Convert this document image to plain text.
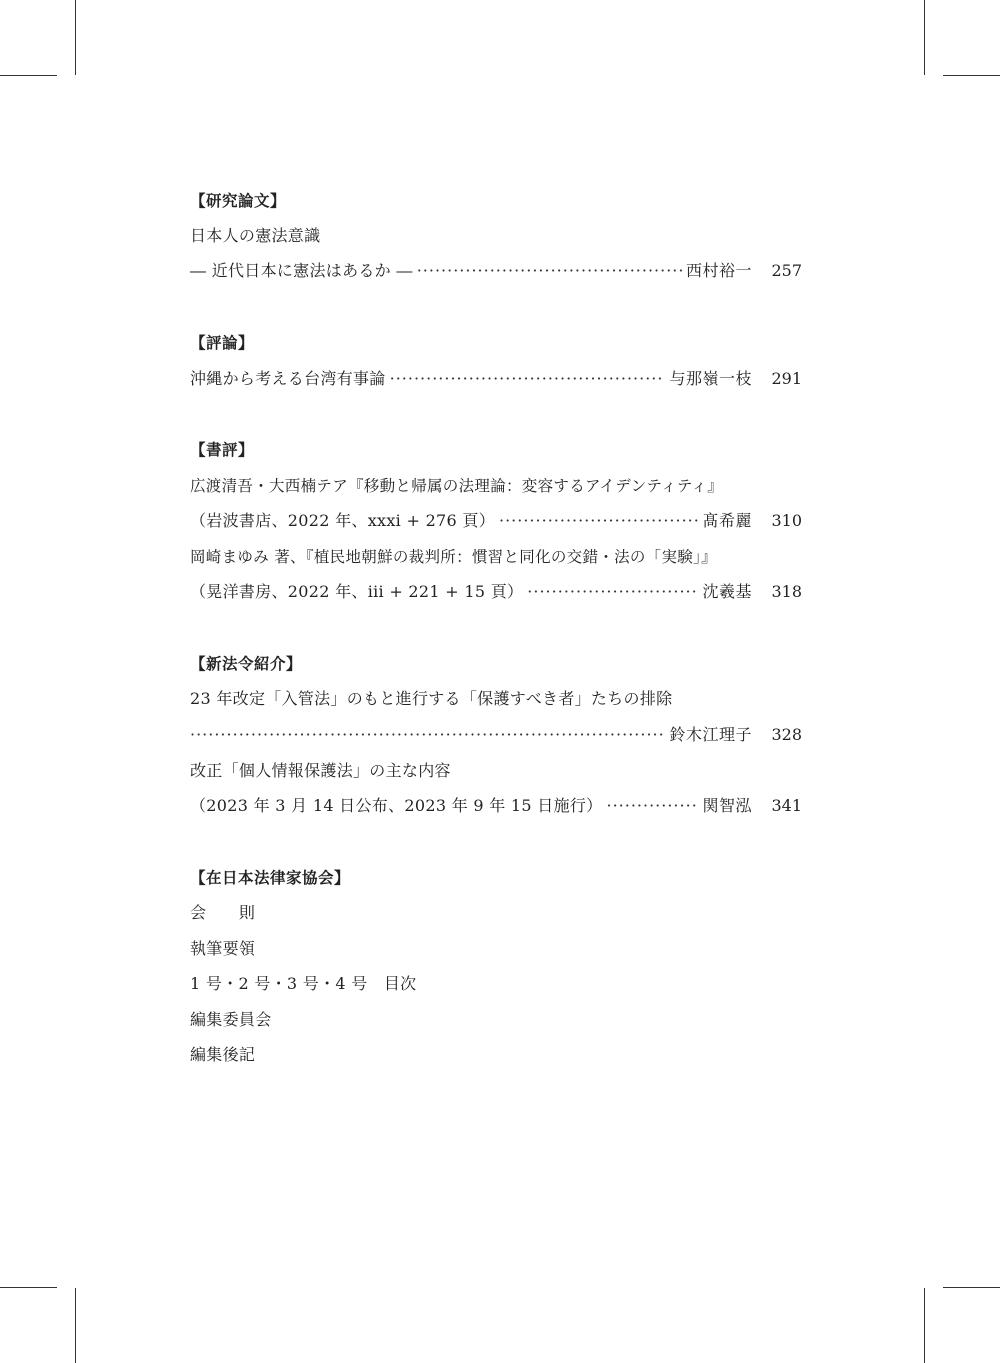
【研究論文】
日本人の憲法意識
― 近代日本に憲法はあるか ― ·····	西村裕一	257
【評論】
沖縄から考える台湾有事論 ·····	与那嶺一枝	291
【書評】
広渡清吾・大西楠テア『移動と帰属の法理論：変容するアイデンティティ』
（岩波書店、2022 年、xxxi + 276 頁） ·····	髙希麗	310
岡崎まゆみ 著、『植民地朝鮮の裁判所：慣習と同化の交錯・法の「実験」』
（晃洋書房、2022 年、iii + 221 + 15 頁） ·····	沈羲基	318
【新法令紹介】
23 年改定「入管法」のもと進行する「保護すべき者」たちの排除
·····
鈴木江理子	328
改正「個人情報保護法」の主な内容
（2023 年 3 月 14 日公布、2023 年 9 年 15 日施行） ·····	関智泓	341
【在日本法律家協会】
会　　則
執筆要領
1 号・2 号・3 号・4 号　目次
編集委員会
編集後記
